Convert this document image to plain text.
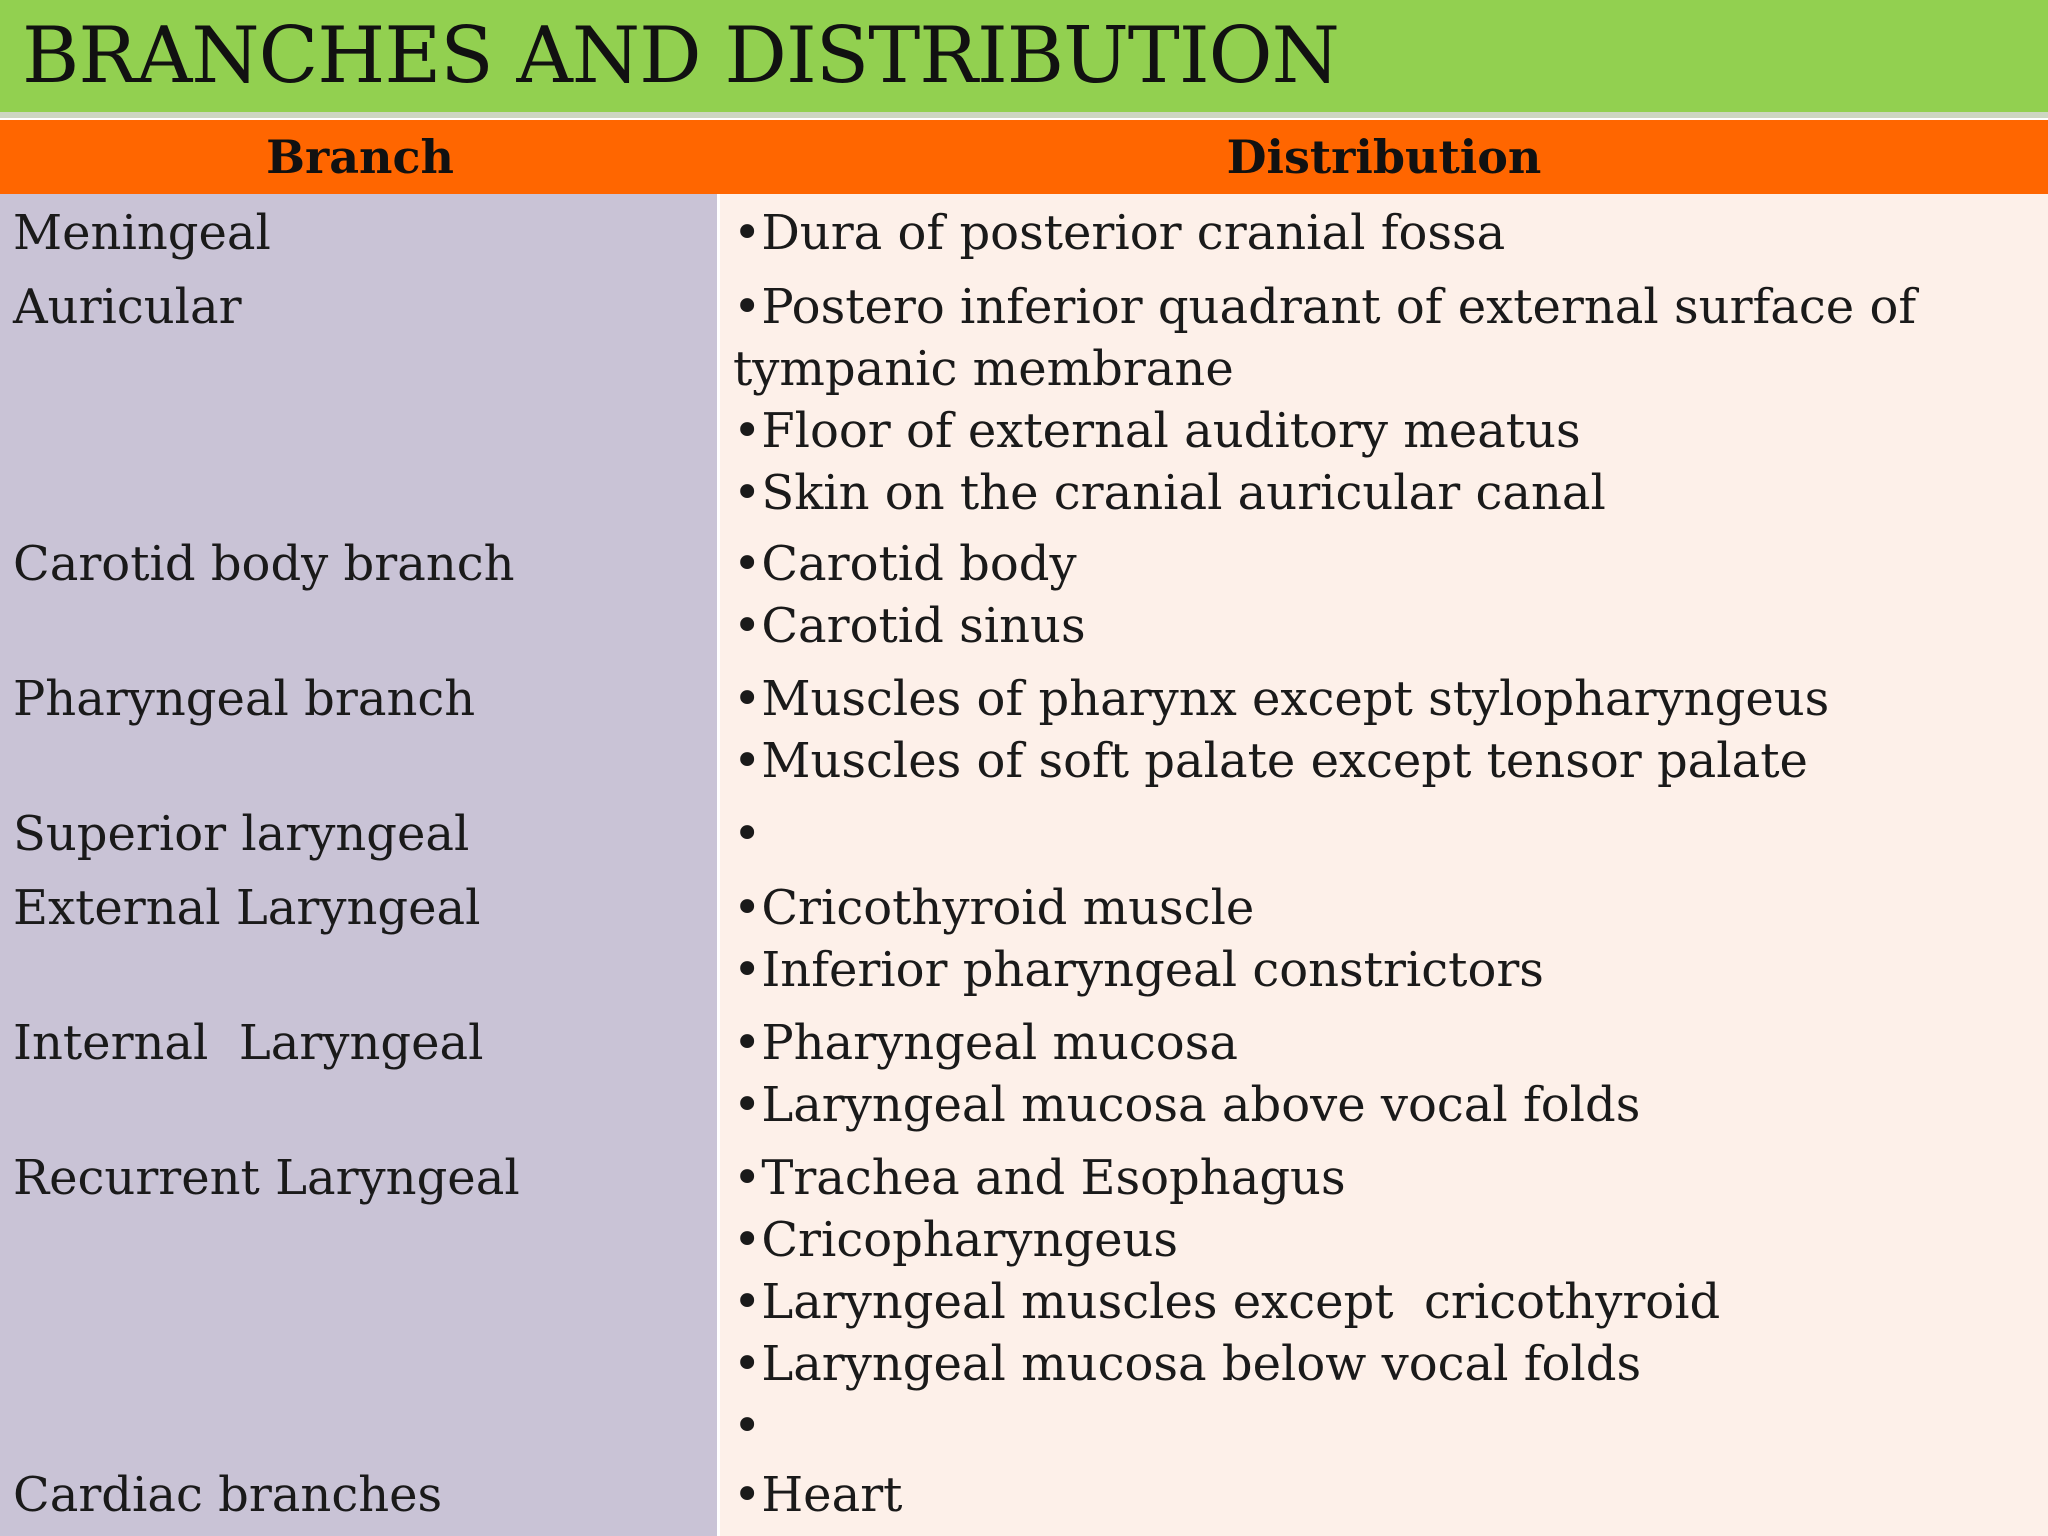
BRANCHES AND DISTRIBUTION
Branch	Distribution
Meningeal	•Dura of posterior cranial fossa
Auricular	•Postero inferior quadrant of external surface of
tympanic membrane
•Floor of external auditory meatus
•Skin on the cranial auricular canal
Carotid body branch	•Carotid body
•Carotid sinus
Pharyngeal branch	•Muscles of pharynx except stylopharyngeus
•Muscles of soft palate except tensor palate
Superior laryngeal	•
External Laryngeal	•Cricothyroid muscle
•Inferior pharyngeal constrictors
Internal  Laryngeal	•Pharyngeal mucosa
•Laryngeal mucosa above vocal folds
Recurrent Laryngeal	•Trachea and Esophagus
•Cricopharyngeus
•Laryngeal muscles except  cricothyroid
•Laryngeal mucosa below vocal folds
•
Cardiac branches	•Heart
